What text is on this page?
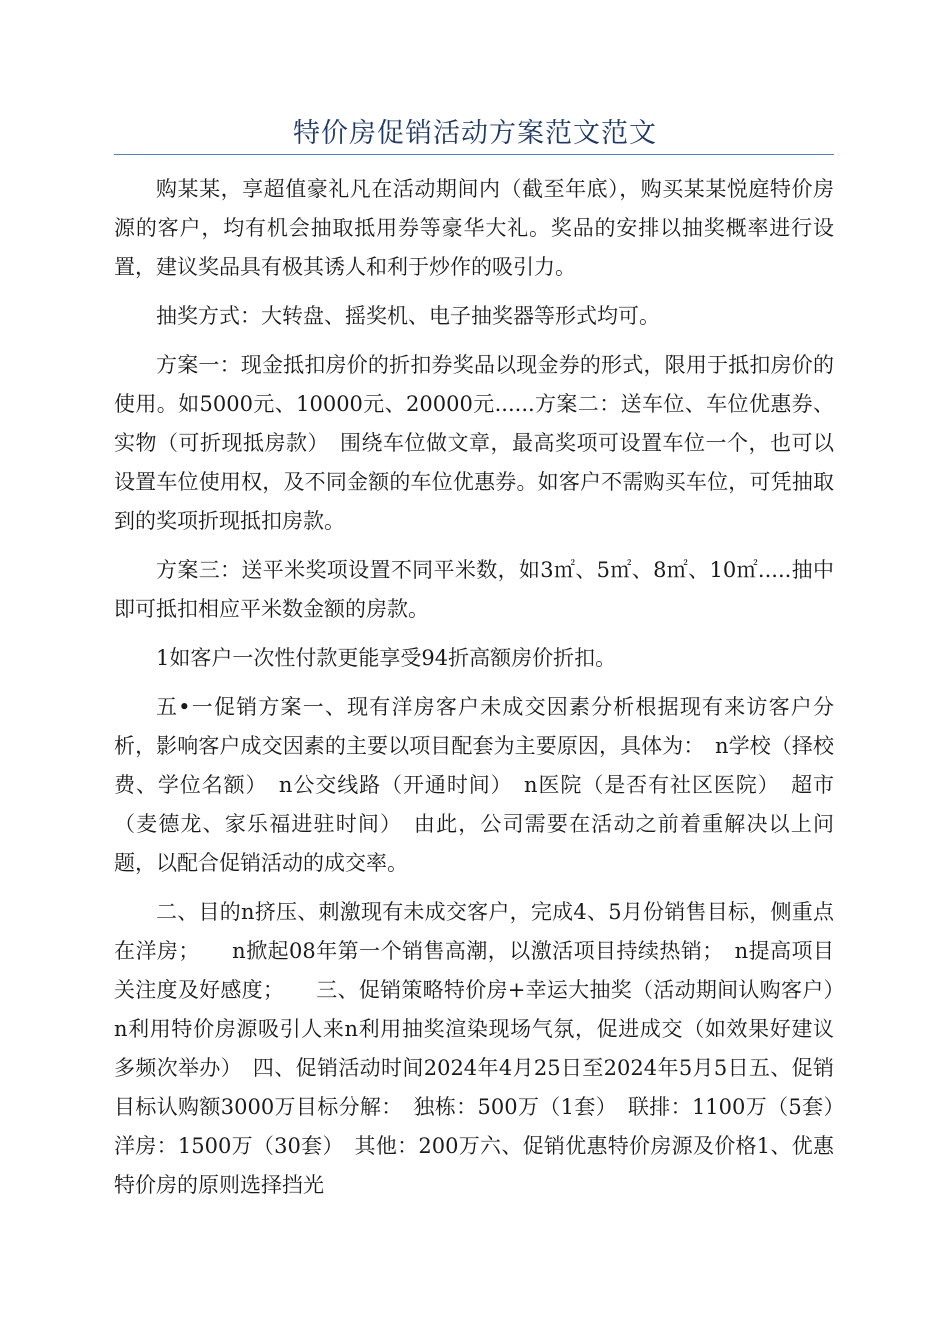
特价房促销活动方案范文范文

购某某，享超值豪礼凡在活动期间内（截至年底），购买某某悦庭特价房源的客户，均有机会抽取抵用券等豪华大礼。奖品的安排以抽奖概率进行设置，建议奖品具有极其诱人和利于炒作的吸引力。

抽奖方式：大转盘、摇奖机、电子抽奖器等形式均可。

方案一：现金抵扣房价的折扣券奖品以现金券的形式，限用于抵扣房价的使用。如5000元、10000元、20000元......方案二：送车位、车位优惠券、实物（可折现抵房款）　围绕车位做文章，最高奖项可设置车位一个，也可以设置车位使用权，及不同金额的车位优惠券。如客户不需购买车位，可凭抽取到的奖项折现抵扣房款。

方案三：送平米奖项设置不同平米数，如3㎡、5㎡、8㎡、10㎡.....抽中即可抵扣相应平米数金额的房款。

1如客户一次性付款更能享受94折高额房价折扣。

五•一促销方案一、现有洋房客户未成交因素分析根据现有来访客户分析，影响客户成交因素的主要以项目配套为主要原因，具体为：　n学校（择校费、学位名额）　n公交线路（开通时间）　n医院（是否有社区医院）　超市（麦德龙、家乐福进驻时间）　由此，公司需要在活动之前着重解决以上问题，以配合促销活动的成交率。

二、目的n挤压、刺激现有未成交客户，完成4、5月份销售目标，侧重点在洋房；　　n掀起08年第一个销售高潮，以激活项目持续热销；　n提高项目关注度及好感度；　　三、促销策略特价房+幸运大抽奖（活动期间认购客户）　n利用特价房源吸引人来n利用抽奖渲染现场气氛，促进成交（如效果好建议多频次举办）　四、促销活动时间2024年4月25日至2024年5月5日五、促销目标认购额3000万目标分解：　独栋：500万（1套）　联排：1100万（5套）　洋房：1500万（30套）　其他：200万六、促销优惠特价房源及价格1、优惠特价房的原则选择挡光
